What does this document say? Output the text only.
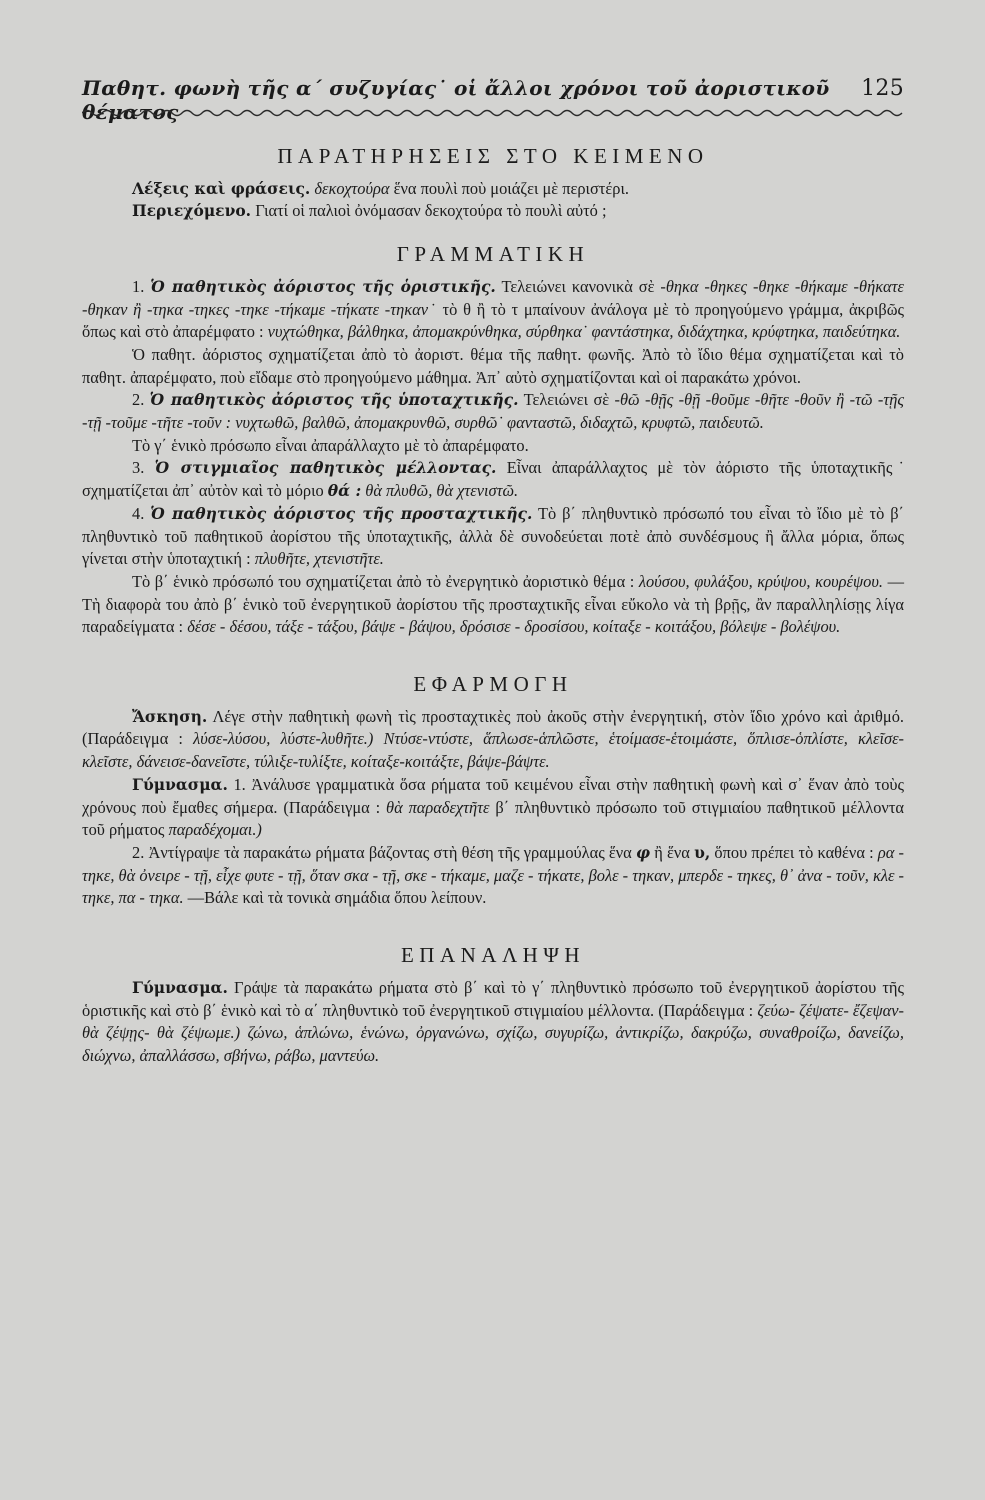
Παθητ. φωνὴ τῆς α΄ συζυγίας˙ οἱ ἄλλοι χρόνοι τοῦ ἀοριστικοῦ θέματος
125
ΠΑΡΑΤΗΡΗΣΕΙΣ ΣΤΟ ΚΕΙΜΕΝΟ

Λέξεις καὶ φράσεις. δεκοχτούρα ἕνα πουλὶ ποὺ μοιάζει μὲ περιστέρι.

Περιεχόμενο. Γιατί οἱ παλιοὶ ὀνόμασαν δεκοχτούρα τὸ πουλὶ αὐτό ;

ΓΡΑΜΜΑΤΙΚΗ

1. Ὁ παθητικὸς ἀόριστος τῆς ὁριστικῆς. Τελειώνει κανονικὰ σὲ -θηκα -θηκες -θηκε -θήκαμε -θήκατε -θηκαν ἢ -τηκα -τηκες -τηκε -τήκαμε -τήκατε -τηκαν˙ τὸ θ ἢ τὸ τ μπαίνουν ἀνάλογα μὲ τὸ προηγούμενο γράμμα, ἀκριβῶς ὅπως καὶ στὸ ἀπαρέμφατο : νυχτώθηκα, βάλθηκα, ἀπομακρύνθηκα, σύρθηκα˙ φαντάστηκα, διδάχτηκα, κρύφτηκα, παιδεύτηκα.

Ὁ παθητ. ἀόριστος σχηματίζεται ἀπὸ τὸ ἀοριστ. θέμα τῆς παθητ. φωνῆς. Ἀπὸ τὸ ἴδιο θέμα σχηματίζεται καὶ τὸ παθητ. ἀπαρέμφατο, ποὺ εἴδαμε στὸ προηγούμενο μάθημα. Ἀπ᾿ αὐτὸ σχηματίζονται καὶ οἱ παρακάτω χρόνοι.

2. Ὁ παθητικὸς ἀόριστος τῆς ὑποταχτικῆς. Τελειώνει σὲ -θῶ -θῇς -θῇ -θοῦμε -θῆτε -θοῦν ἢ -τῶ -τῇς -τῇ -τοῦμε -τῆτε -τοῦν : νυχτωθῶ, βαλθῶ, ἀπομακρυνθῶ, συρθῶ˙ φανταστῶ, διδαχτῶ, κρυφτῶ, παιδευτῶ.

Τὸ γ΄ ἑνικὸ πρόσωπο εἶναι ἀπαράλλαχτο μὲ τὸ ἀπαρέμφατο.

3. Ὁ στιγμιαῖος παθητικὸς μέλλοντας. Εἶναι ἀπαράλλαχτος μὲ τὸν ἀόριστο τῆς ὑποταχτικῆς˙ σχηματίζεται ἀπ᾿ αὐτὸν καὶ τὸ μόριο θά : θὰ πλυθῶ, θὰ χτενιστῶ.

4. Ὁ παθητικὸς ἀόριστος τῆς προσταχτικῆς. Τὸ β΄ πληθυντικὸ πρόσωπό του εἶναι τὸ ἴδιο μὲ τὸ β΄ πληθυντικὸ τοῦ παθητικοῦ ἀορίστου τῆς ὑποταχτικῆς, ἀλλὰ δὲ συνοδεύεται ποτὲ ἀπὸ συνδέσμους ἢ ἄλλα μόρια, ὅπως γίνεται στὴν ὑποταχτική : πλυθῆτε, χτενιστῆτε.

Τὸ β΄ ἑνικὸ πρόσωπό του σχηματίζεται ἀπὸ τὸ ἐνεργητικὸ ἀοριστικὸ θέμα : λούσου, φυλάξου, κρύψου, κουρέψου. — Τὴ διαφορὰ του ἀπὸ β΄ ἑνικὸ τοῦ ἐνεργητικοῦ ἀορίστου τῆς προσταχτικῆς εἶναι εὔκολο νὰ τὴ βρῇς, ἂν παραλληλίσῃς λίγα παραδείγματα : δέσε - δέσου, τάξε - τάξου, βάψε - βάψου, δρόσισε - δροσίσου, κοίταξε - κοιτάξου, βόλεψε - βολέψου.

ΕΦΑΡΜΟΓΗ

Ἄσκηση. Λέγε στὴν παθητικὴ φωνὴ τὶς προσταχτικὲς ποὺ ἀκοῦς στὴν ἐνεργητική, στὸν ἴδιο χρόνο καὶ ἀριθμό. (Παράδειγμα : λύσε-λύσου, λύστε-λυθῆτε.) Ντύσε-ντύστε, ἅπλωσε-ἁπλῶστε, ἑτοίμασε-ἑτοιμάστε, ὅπλισε-ὁπλίστε, κλεῖσε-κλεῖστε, δάνεισε-δανεῖστε, τύλιξε-τυλίξτε, κοίταξε-κοιτάξτε, βάψε-βάψτε.

Γύμνασμα. 1. Ἀνάλυσε γραμματικὰ ὅσα ρήματα τοῦ κειμένου εἶναι στὴν παθητικὴ φωνὴ καὶ σ᾿ ἕναν ἀπὸ τοὺς χρόνους ποὺ ἔμαθες σήμερα. (Παράδειγμα : θὰ παραδεχτῆτε β΄ πληθυντικὸ πρόσωπο τοῦ στιγμιαίου παθητικοῦ μέλλοντα τοῦ ρήματος παραδέχομαι.)

2. Ἀντίγραψε τὰ παρακάτω ρήματα βάζοντας στὴ θέση τῆς γραμμούλας ἕνα φ ἢ ἕνα υ, ὅπου πρέπει τὸ καθένα : ρα - τηκε, θὰ ὀνειρε - τῇ, εἶχε φυτε - τῇ, ὅταν σκα - τῇ, σκε - τήκαμε, μαζε - τήκατε, βολε - τηκαν, μπερδε - τηκες, θ᾿ ἀνα - τοῦν, κλε - τηκε, πα - τηκα. —Βάλε καὶ τὰ τονικὰ σημάδια ὅπου λείπουν.

ΕΠΑΝΑΛΗΨΗ

Γύμνασμα. Γράψε τὰ παρακάτω ρήματα στὸ β΄ καὶ τὸ γ΄ πληθυντικὸ πρόσωπο τοῦ ἐνεργητικοῦ ἀορίστου τῆς ὁριστικῆς καὶ στὸ β΄ ἑνικὸ καὶ τὸ α΄ πληθυντικὸ τοῦ ἐνεργητικοῦ στιγμιαίου μέλλοντα. (Παράδειγμα : ζεύω- ζέψατε- ἔζεψαν- θὰ ζέψῃς- θὰ ζέψωμε.) ζώνω, ἁπλώνω, ἑνώνω, ὀργανώνω, σχίζω, συγυρίζω, ἀντικρίζω, δακρύζω, συναθροίζω, δανείζω, διώχνω, ἀπαλλάσσω, σβήνω, ράβω, μαντεύω.
